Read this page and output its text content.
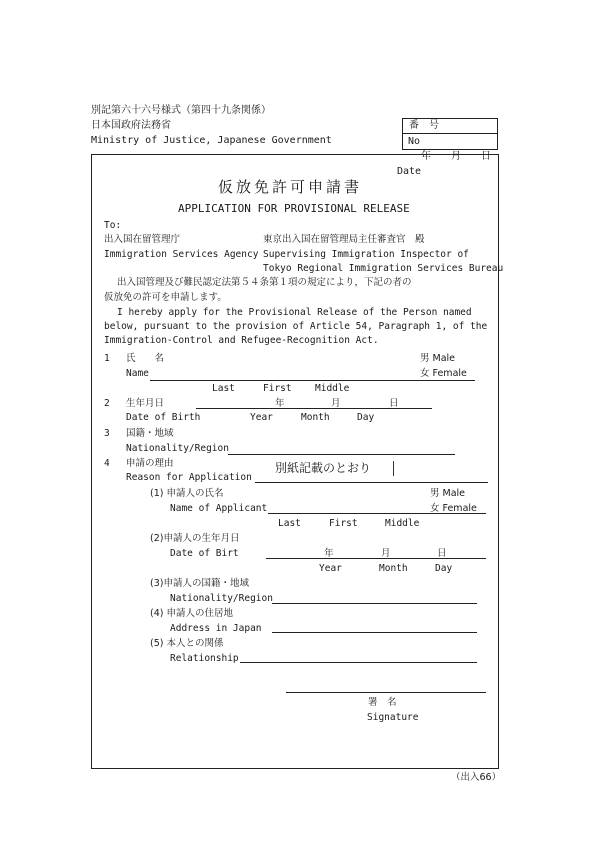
別記第六十六号様式（第四十九条関係）
日本国政府法務省
Ministry of Justice, Japanese Government
番　号
No
年　　月　　日
Date
仮放免許可申請書
APPLICATION FOR PROVISIONAL RELEASE
To:
出入国在留管理庁
Immigration Services Agency
東京出入国在留管理局主任審査官　殿
Supervising Immigration Inspector of
Tokyo Regional Immigration Services Bureau
出入国管理及び難民認定法第５４条第１項の規定により，下記の者の
仮放免の許可を申請します。
I hereby apply for the Provisional Release of the Person named
below, pursuant to the provision of Article 54, Paragraph 1, of the
Immigration-Control and Refugee-Recognition Act.
1 氏　　名
Name
男 Male
女 Female
Last	First Middle
2 生年月日	年	月	日
Date of Birth	Year	Month	Day
3 国籍・地域
Nationality/Region
4 申請の理由
Reason for Application
別紙記載のとおり
(1) 申請人の氏名
Name of Applicant
男 Male
女 Female
Last	First	Middle
(2)申請人の生年月日
Date of Birt	年	月	日
Year	Month	Day
(3)申請人の国籍・地域
Nationality/Region
(4) 申請人の住居地
Address in Japan
(5) 本人との関係
Relationship
署　名
Signature
（出入66）
